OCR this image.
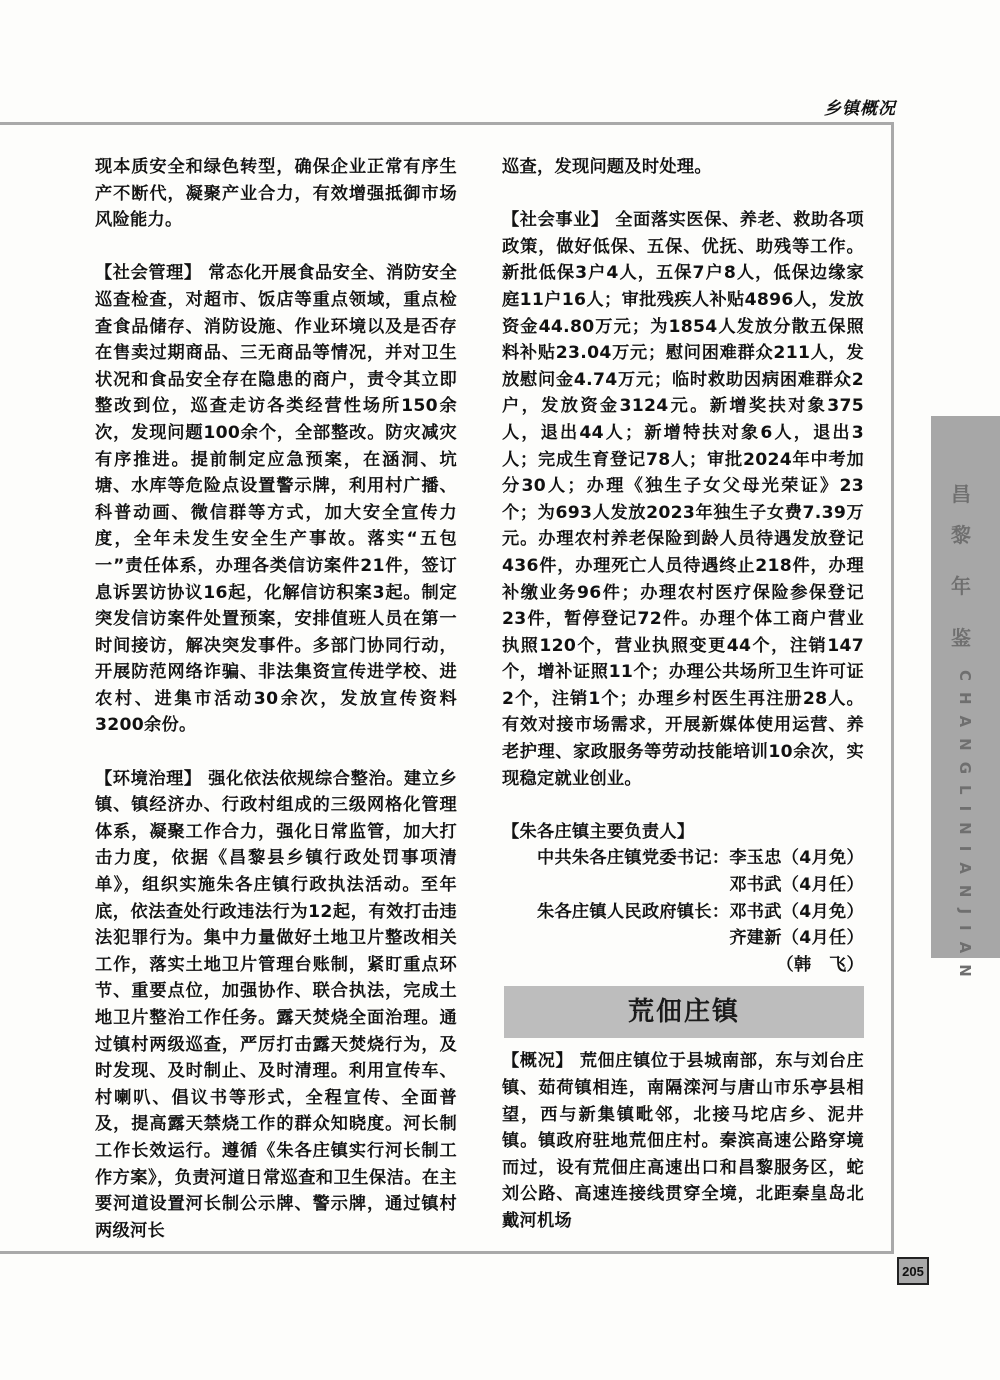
乡镇概况

现本质安全和绿色转型，确保企业正常有序生产不断代，凝聚产业合力，有效增强抵御市场风险能力。

【社会管理】 常态化开展食品安全、消防安全巡查检查，对超市、饭店等重点领域，重点检查食品储存、消防设施、作业环境以及是否存在售卖过期商品、三无商品等情况，并对卫生状况和食品安全存在隐患的商户，责令其立即整改到位，巡查走访各类经营性场所150余次，发现问题100余个，全部整改。防灾减灾有序推进。提前制定应急预案，在涵洞、坑塘、水库等危险点设置警示牌，利用村广播、科普动画、微信群等方式，加大安全宣传力度，全年未发生安全生产事故。落实“五包一”责任体系，办理各类信访案件21件，签订息诉罢访协议16起，化解信访积案3起。制定突发信访案件处置预案，安排值班人员在第一时间接访，解决突发事件。多部门协同行动，开展防范网络诈骗、非法集资宣传进学校、进农村、进集市活动30余次，发放宣传资料3200余份。

【环境治理】 强化依法依规综合整治。建立乡镇、镇经济办、行政村组成的三级网格化管理体系，凝聚工作合力，强化日常监管，加大打击力度，依据《昌黎县乡镇行政处罚事项清单》，组织实施朱各庄镇行政执法活动。至年底，依法查处行政违法行为12起，有效打击违法犯罪行为。集中力量做好土地卫片整改相关工作，落实土地卫片管理台账制，紧盯重点环节、重要点位，加强协作、联合执法，完成土地卫片整治工作任务。露天焚烧全面治理。通过镇村两级巡查，严厉打击露天焚烧行为，及时发现、及时制止、及时清理。利用宣传车、村喇叭、倡议书等形式，全程宣传、全面普及，提高露天禁烧工作的群众知晓度。河长制工作长效运行。遵循《朱各庄镇实行河长制工作方案》，负责河道日常巡查和卫生保洁。在主要河道设置河长制公示牌、警示牌，通过镇村两级河长

巡查，发现问题及时处理。

【社会事业】 全面落实医保、养老、救助各项政策，做好低保、五保、优抚、助残等工作。新批低保3户4人，五保7户8人，低保边缘家庭11户16人；审批残疾人补贴4896人，发放资金44.80万元；为1854人发放分散五保照料补贴23.04万元；慰问困难群众211人，发放慰问金4.74万元；临时救助因病困难群众2户，发放资金3124元。新增奖扶对象375人，退出44人；新增特扶对象6人，退出3人；完成生育登记78人；审批2024年中考加分30人；办理《独生子女父母光荣证》23个；为693人发放2023年独生子女费7.39万元。办理农村养老保险到龄人员待遇发放登记436件，办理死亡人员待遇终止218件，办理补缴业务96件；办理农村医疗保险参保登记23件，暂停登记72件。办理个体工商户营业执照120个，营业执照变更44个，注销147个，增补证照11个；办理公共场所卫生许可证2个，注销1个；办理乡村医生再注册28人。有效对接市场需求，开展新媒体使用运营、养老护理、家政服务等劳动技能培训10余次，实现稳定就业创业。

【朱各庄镇主要负责人】

中共朱各庄镇党委书记：李玉忠（4月免）

邓书武（4月任）

朱各庄镇人民政府镇长：邓书武（4月免）

齐建新（4月任）

（韩　飞）

荒佃庄镇

【概况】 荒佃庄镇位于县城南部，东与刘台庄镇、茹荷镇相连，南隔滦河与唐山市乐亭县相望，西与新集镇毗邻，北接马坨店乡、泥井镇。镇政府驻地荒佃庄村。秦滨高速公路穿境而过，设有荒佃庄高速出口和昌黎服务区，蛇刘公路、高速连接线贯穿全境，北距秦皇岛北戴河机场

昌
黎
年
鉴
CHANGLINIANJIAN
205
